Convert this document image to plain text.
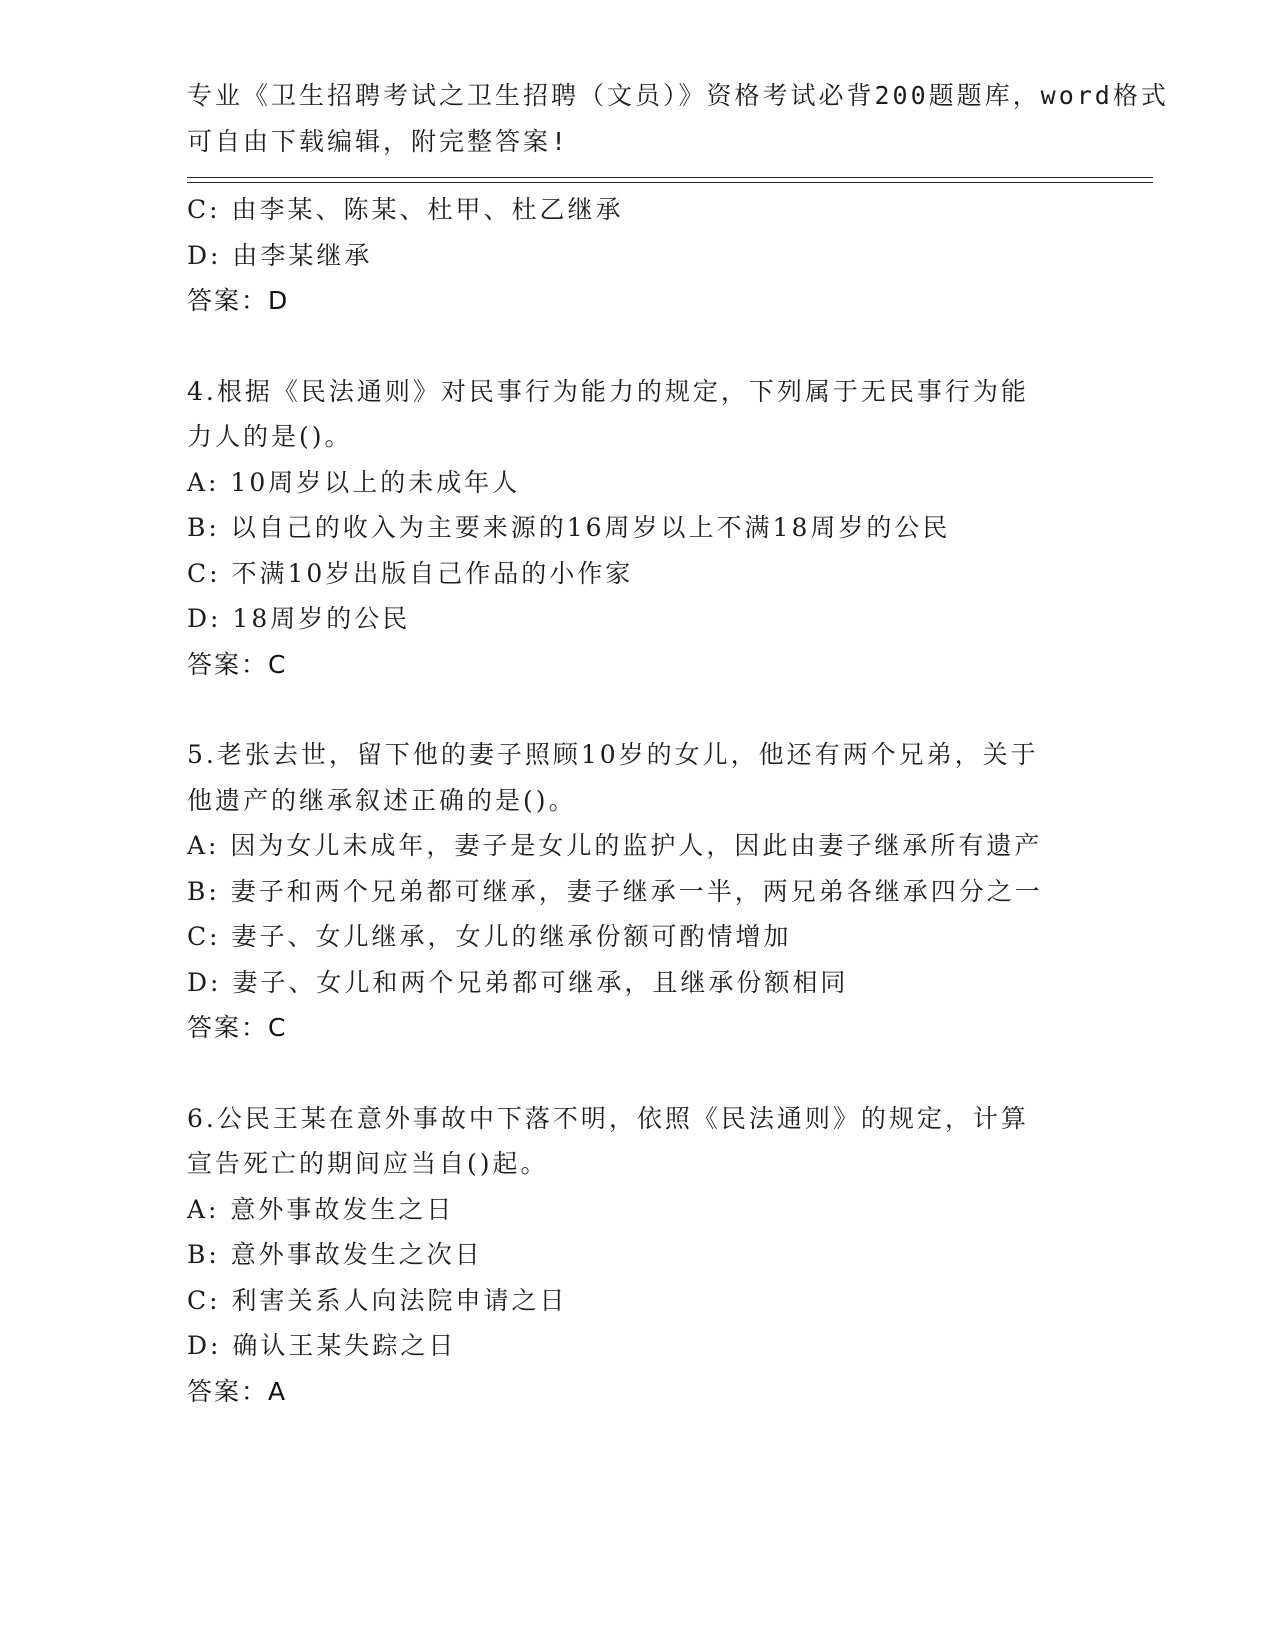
专业《卫生招聘考试之卫生招聘（文员）》资格考试必背200题题库，word格式
可自由下载编辑，附完整答案!
C: 由李某、陈某、杜甲、杜乙继承
D: 由李某继承
答案：D
4.根据《民法通则》对民事行为能力的规定，下列属于无民事行为能
力人的是()。
A: 10周岁以上的未成年人
B: 以自己的收入为主要来源的16周岁以上不满18周岁的公民
C: 不满10岁出版自己作品的小作家
D: 18周岁的公民
答案：C
5.老张去世，留下他的妻子照顾10岁的女儿，他还有两个兄弟，关于
他遗产的继承叙述正确的是()。
A: 因为女儿未成年，妻子是女儿的监护人，因此由妻子继承所有遗产
B: 妻子和两个兄弟都可继承，妻子继承一半，两兄弟各继承四分之一
C: 妻子、女儿继承，女儿的继承份额可酌情增加
D: 妻子、女儿和两个兄弟都可继承，且继承份额相同
答案：C
6.公民王某在意外事故中下落不明，依照《民法通则》的规定，计算
宣告死亡的期间应当自()起。
A: 意外事故发生之日
B: 意外事故发生之次日
C: 利害关系人向法院申请之日
D: 确认王某失踪之日
答案：A
